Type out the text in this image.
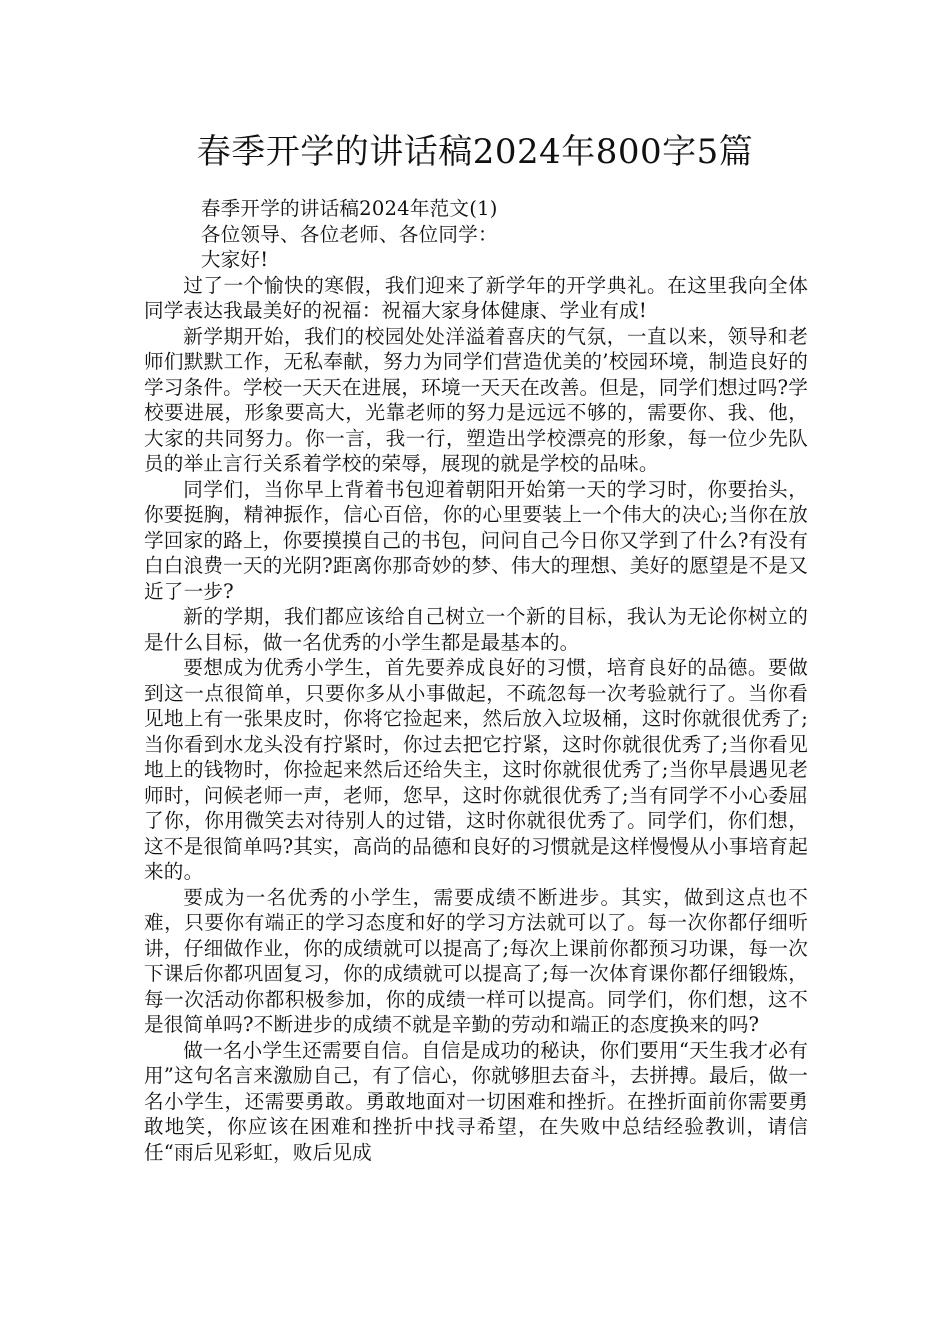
春季开学的讲话稿2024年800字5篇

春季开学的讲话稿2024年范文(1)

各位领导、各位老师、各位同学：

大家好!

过了一个愉快的寒假，我们迎来了新学年的开学典礼。在这里我向全体同学表达我最美好的祝福：祝福大家身体健康、学业有成!

新学期开始，我们的校园处处洋溢着喜庆的气氛，一直以来，领导和老师们默默工作，无私奉献，努力为同学们营造优美的’校园环境，制造良好的学习条件。学校一天天在进展，环境一天天在改善。但是，同学们想过吗?学校要进展，形象要高大，光靠老师的努力是远远不够的，需要你、我、他，大家的共同努力。你一言，我一行，塑造出学校漂亮的形象，每一位少先队员的举止言行关系着学校的荣辱，展现的就是学校的品味。

同学们，当你早上背着书包迎着朝阳开始第一天的学习时，你要抬头，你要挺胸，精神振作，信心百倍，你的心里要装上一个伟大的决心;当你在放学回家的路上，你要摸摸自己的书包，问问自己今日你又学到了什么?有没有白白浪费一天的光阴?距离你那奇妙的梦、伟大的理想、美好的愿望是不是又近了一步?

新的学期，我们都应该给自己树立一个新的目标，我认为无论你树立的是什么目标，做一名优秀的小学生都是最基本的。

要想成为优秀小学生，首先要养成良好的习惯，培育良好的品德。要做到这一点很简单，只要你多从小事做起，不疏忽每一次考验就行了。当你看见地上有一张果皮时，你将它捡起来，然后放入垃圾桶，这时你就很优秀了;当你看到水龙头没有拧紧时，你过去把它拧紧，这时你就很优秀了;当你看见地上的钱物时，你捡起来然后还给失主，这时你就很优秀了;当你早晨遇见老师时，问候老师一声，老师，您早，这时你就很优秀了;当有同学不小心委屈了你，你用微笑去对待别人的过错，这时你就很优秀了。同学们，你们想，这不是很简单吗?其实，高尚的品德和良好的习惯就是这样慢慢从小事培育起来的。

要成为一名优秀的小学生，需要成绩不断进步。其实，做到这点也不难，只要你有端正的学习态度和好的学习方法就可以了。每一次你都仔细听讲，仔细做作业，你的成绩就可以提高了;每次上课前你都预习功课，每一次下课后你都巩固复习，你的成绩就可以提高了;每一次体育课你都仔细锻炼，每一次活动你都积极参加，你的成绩一样可以提高。同学们，你们想，这不是很简单吗?不断进步的成绩不就是辛勤的劳动和端正的态度换来的吗?

做一名小学生还需要自信。自信是成功的秘诀，你们要用“天生我才必有用”这句名言来激励自己，有了信心，你就够胆去奋斗，去拼搏。最后，做一名小学生，还需要勇敢。勇敢地面对一切困难和挫折。在挫折面前你需要勇敢地笑，你应该在困难和挫折中找寻希望，在失败中总结经验教训，请信任“雨后见彩虹，败后见成
